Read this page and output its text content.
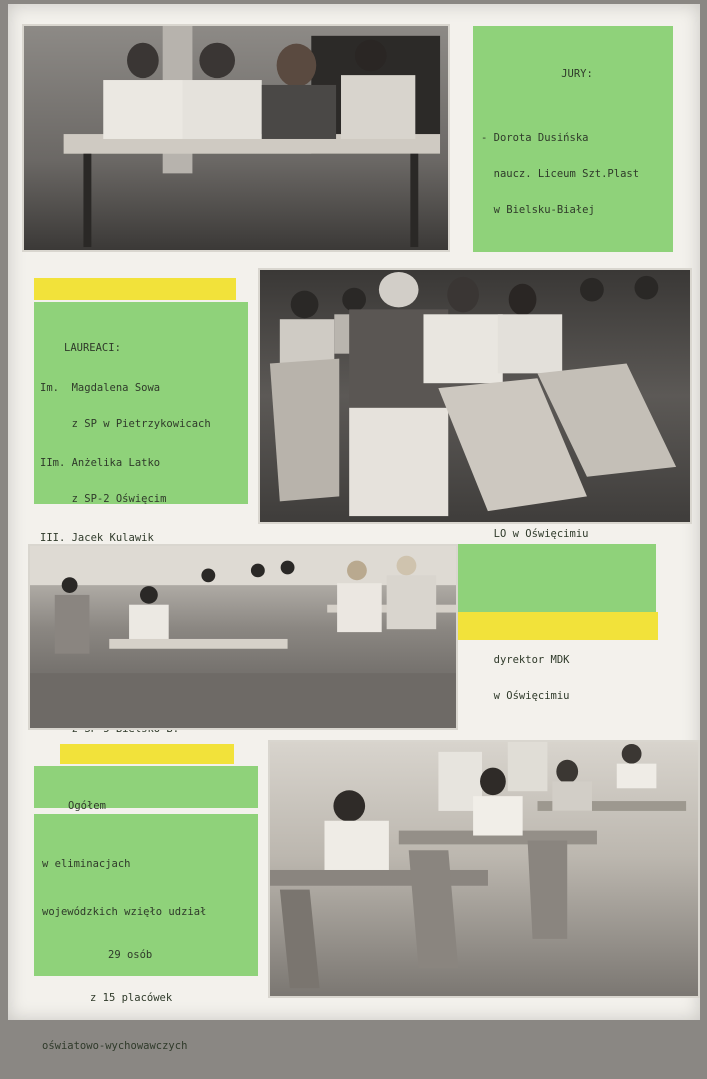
JURY:

- Dorota Dusińska

naucz. Liceum Szt.Plast

w Bielsku-Białej

LO w Oświęcimiu

dyrektor MDK

w Oświęcimiu

LAUREACI:

Im.  Magdalena Sowa

z SP w Pietrzykowicach

IIm. Anżelika Latko

z SP-2 Oświęcim

III. Jacek Kulawik

Ogółem

w eliminacjach

wojewódzkich wzięło udział

29 osób

z 15 placówek

oświatowo-wychowawczych
